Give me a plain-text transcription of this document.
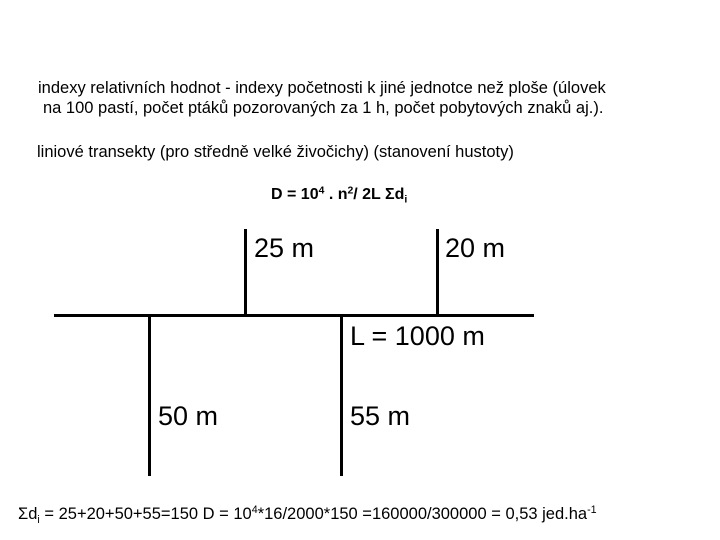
indexy relativních hodnot - indexy početnosti k jiné jednotce než ploše (úlovek
na 100 pastí, počet ptáků pozorovaných za 1 h, počet pobytových znaků aj.).
liniové transekty (pro středně velké živočichy) (stanovení hustoty)
$D = 10^4$ . $n^2/$ 2L $\Sigma d_i$
25 m	20 m
L = 1000 m
50 m	55 m
$\Sigma d_i = 25+20+50+55=150$ $D = 10^4*16/2000*150 =160000/300000 = 0,53$ $jed.ha^{-1}$
